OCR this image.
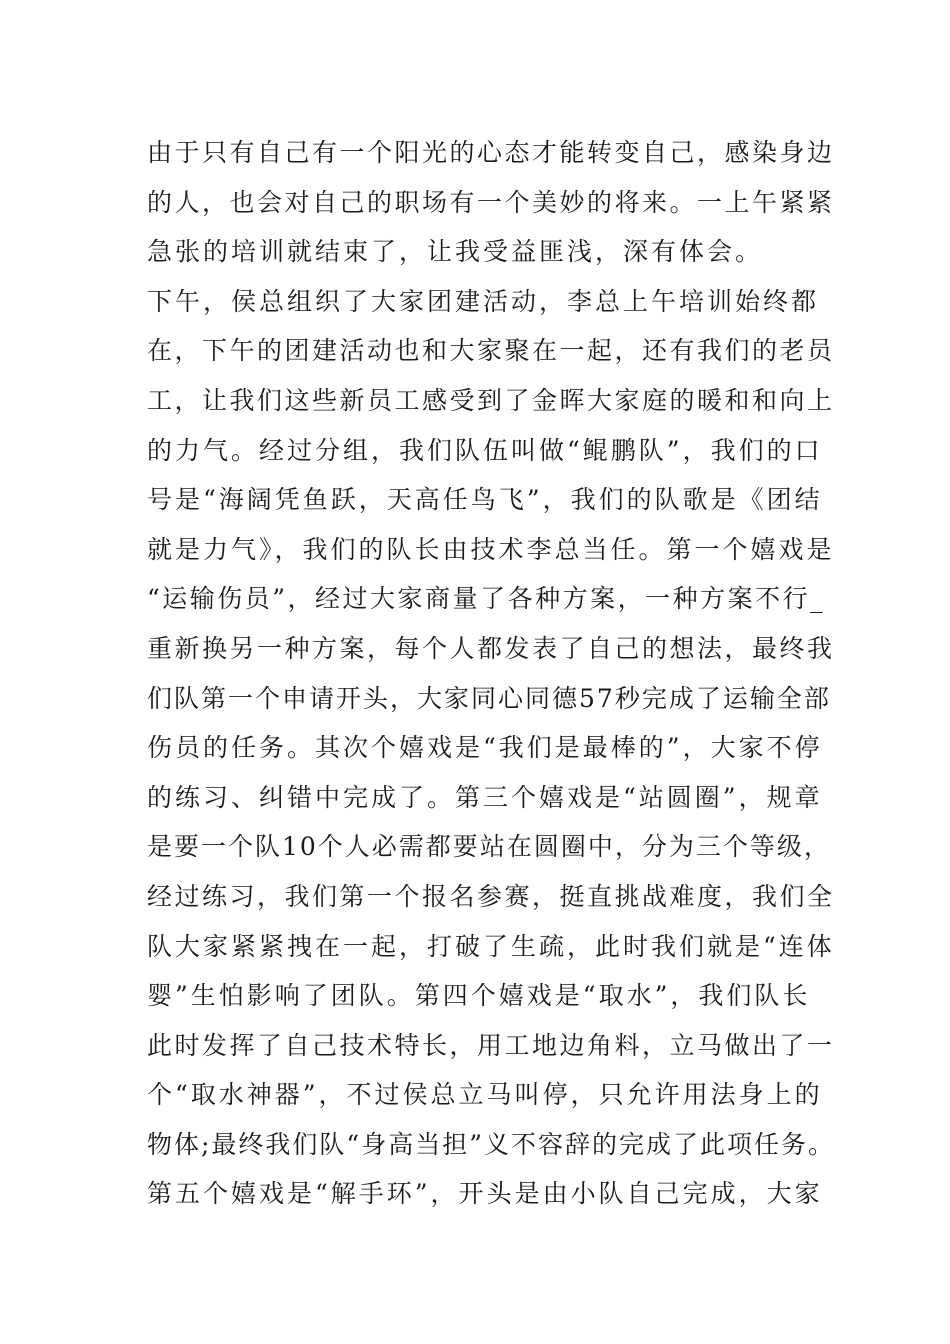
由于只有自己有一个阳光的心态才能转变自己，感染身边
的人，也会对自己的职场有一个美妙的将来。一上午紧紧
急张的培训就结束了，让我受益匪浅，深有体会。
下午，侯总组织了大家团建活动，李总上午培训始终都
在，下午的团建活动也和大家聚在一起，还有我们的老员
工，让我们这些新员工感受到了金晖大家庭的暖和和向上
的力气。经过分组，我们队伍叫做“鲲鹏队”，我们的口
号是“海阔凭鱼跃，天高任鸟飞”，我们的队歌是《团结
就是力气》，我们的队长由技术李总当任。第一个嬉戏是
“运输伤员”，经过大家商量了各种方案，一种方案不行_
重新换另一种方案，每个人都发表了自己的想法，最终我
们队第一个申请开头，大家同心同德57秒完成了运输全部
伤员的任务。其次个嬉戏是“我们是最棒的”，大家不停
的练习、纠错中完成了。第三个嬉戏是“站圆圈”，规章
是要一个队10个人必需都要站在圆圈中，分为三个等级，
经过练习，我们第一个报名参赛，挺直挑战难度，我们全
队大家紧紧拽在一起，打破了生疏，此时我们就是“连体
婴”生怕影响了团队。第四个嬉戏是“取水”，我们队长
此时发挥了自己技术特长，用工地边角料，立马做出了一
个“取水神器”，不过侯总立马叫停，只允许用法身上的
物体;最终我们队“身高当担”义不容辞的完成了此项任务。
第五个嬉戏是“解手环”，开头是由小队自己完成，大家
